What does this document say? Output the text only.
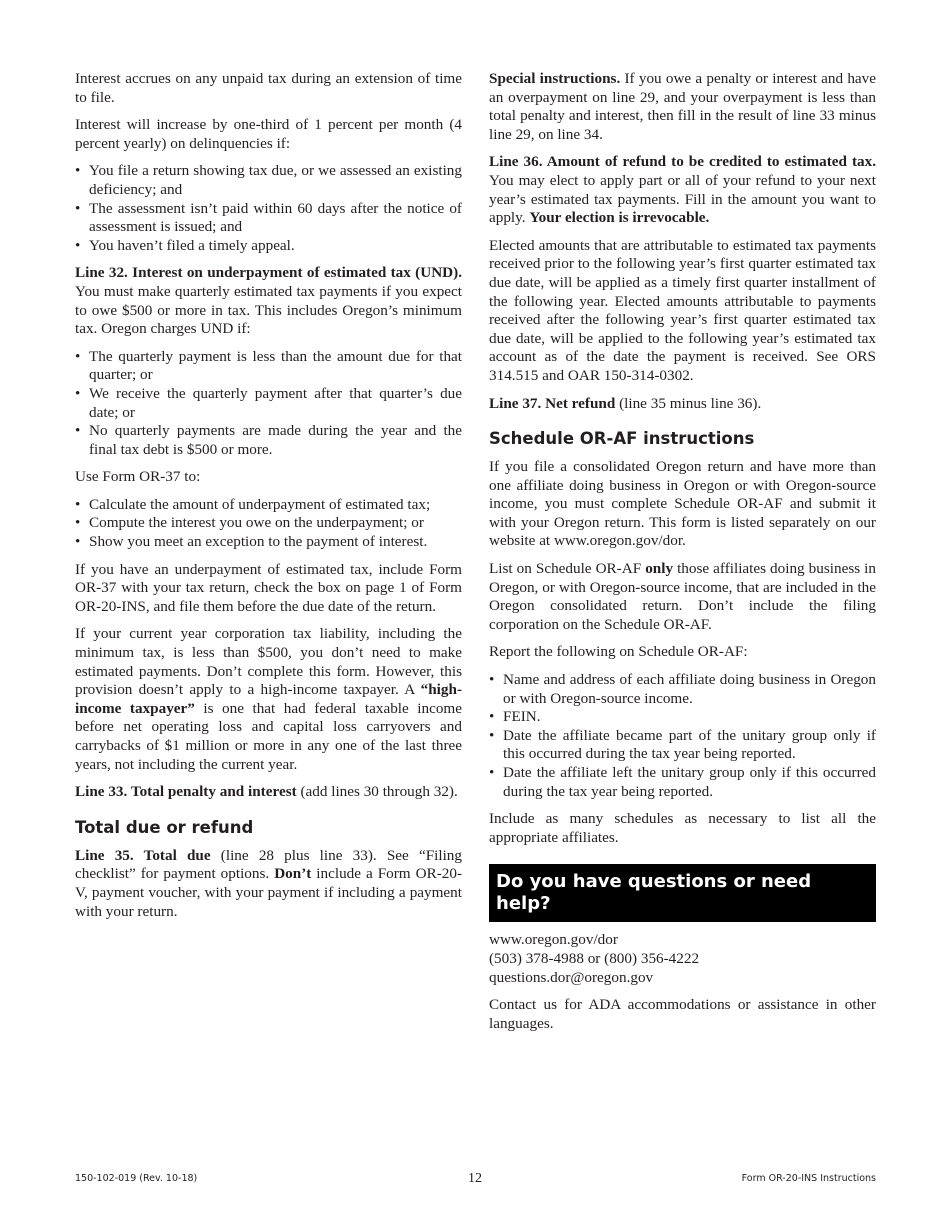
Interest accrues on any unpaid tax during an extension of time to file.

Interest will increase by one-third of 1 percent per month (4 percent yearly) on delinquencies if:

• You file a return showing tax due, or we assessed an existing deficiency; and
• The assessment isn’t paid within 60 days after the notice of assessment is issued; and
• You haven’t filed a timely appeal.

Line 32. Interest on underpayment of estimated tax (UND). You must make quarterly estimated tax payments if you expect to owe $500 or more in tax. This includes Oregon’s minimum tax. Oregon charges UND if:

• The quarterly payment is less than the amount due for that quarter; or
• We receive the quarterly payment after that quarter’s due date; or
• No quarterly payments are made during the year and the final tax debt is $500 or more.

Use Form OR-37 to:

• Calculate the amount of underpayment of estimated tax;
• Compute the interest you owe on the underpayment; or
• Show you meet an exception to the payment of interest.

If you have an underpayment of estimated tax, include Form OR-37 with your tax return, check the box on page 1 of Form OR-20-INS, and file them before the due date of the return.

If your current year corporation tax liability, including the minimum tax, is less than $500, you don’t need to make estimated payments. Don’t complete this form. However, this provision doesn’t apply to a high-income taxpayer. A “high-income taxpayer” is one that had federal taxable income before net operating loss and capital loss carryovers and carrybacks of $1 million or more in any one of the last three years, not including the current year.

Line 33. Total penalty and interest (add lines 30 through 32).

Total due or refund

Line 35. Total due (line 28 plus line 33). See “Filing checklist” for payment options. Don’t include a Form OR-20-V, payment voucher, with your payment if including a payment with your return.

Special instructions. If you owe a penalty or interest and have an overpayment on line 29, and your overpayment is less than total penalty and interest, then fill in the result of line 33 minus line 29, on line 34.

Line 36. Amount of refund to be credited to estimated tax. You may elect to apply part or all of your refund to your next year’s estimated tax payments. Fill in the amount you want to apply. Your election is irrevocable.

Elected amounts that are attributable to estimated tax payments received prior to the following year’s first quarter estimated tax due date, will be applied as a timely first quarter installment of the following year. Elected amounts attributable to payments received after the following year’s first quarter estimated tax due date, will be applied to the following year’s estimated tax account as of the date the payment is received. See ORS 314.515 and OAR 150-314-0302.

Line 37. Net refund (line 35 minus line 36).

Schedule OR-AF instructions

If you file a consolidated Oregon return and have more than one affiliate doing business in Oregon or with Oregon-source income, you must complete Schedule OR-AF and submit it with your Oregon return. This form is listed separately on our website at www.oregon.gov/dor.

List on Schedule OR-AF only those affiliates doing business in Oregon, or with Oregon-source income, that are included in the Oregon consolidated return. Don’t include the filing corporation on the Schedule OR-AF.

Report the following on Schedule OR-AF:

• Name and address of each affiliate doing business in Oregon or with Oregon-source income.
• FEIN.
• Date the affiliate became part of the unitary group only if this occurred during the tax year being reported.
• Date the affiliate left the unitary group only if this occurred during the tax year being reported.

Include as many schedules as necessary to list all the appropriate affiliates.

Do you have questions or need help?
www.oregon.gov/dor
(503) 378-4988 or (800) 356-4222
questions.dor@oregon.gov

Contact us for ADA accommodations or assistance in other languages.

150-102-019 (Rev. 10-18)	12	Form OR-20-INS Instructions
